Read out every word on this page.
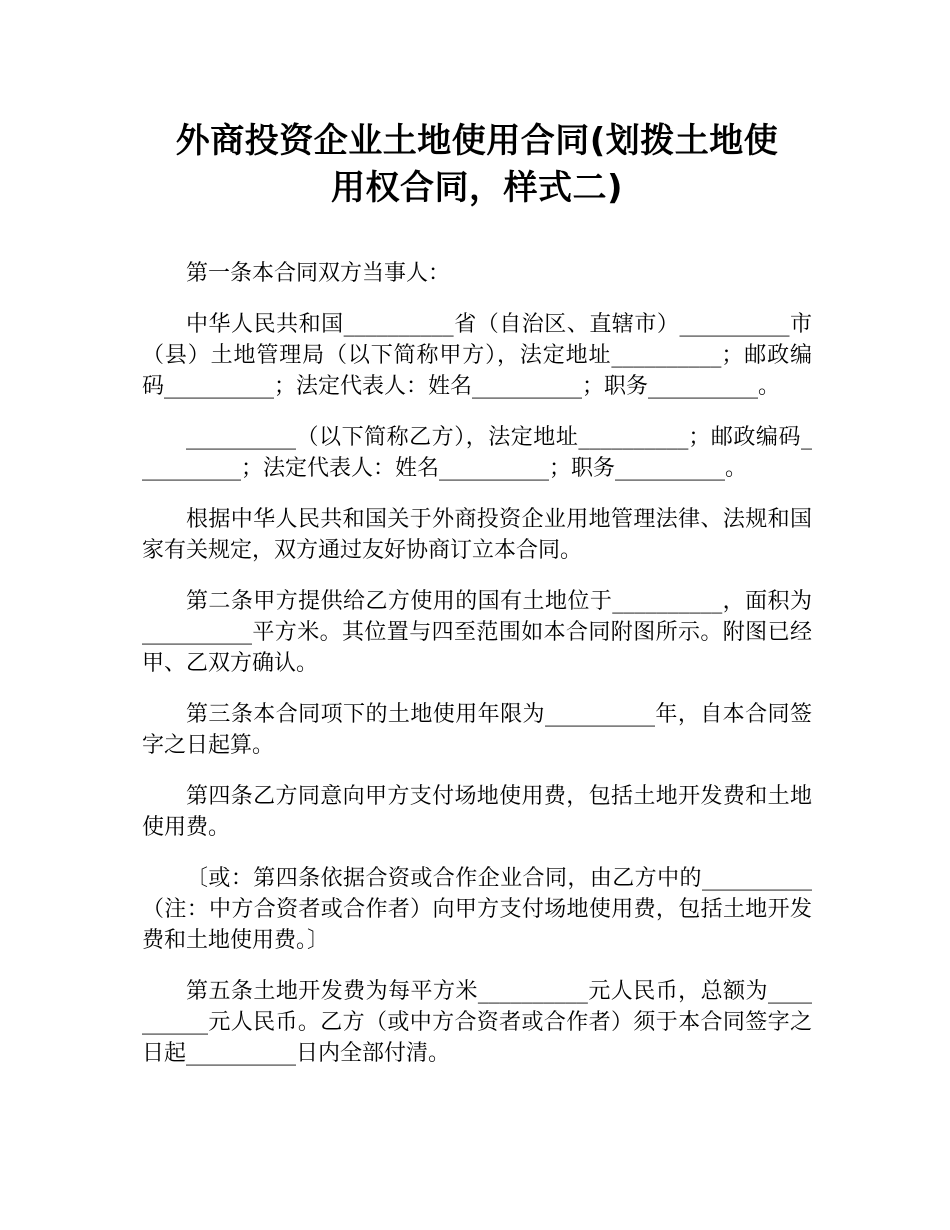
外商投资企业土地使用合同(划拨土地使
用权合同，样式二)

第一条本合同双方当事人：

中华人民共和国__________省（自治区、直辖市）__________市（县）土地管理局（以下简称甲方），法定地址__________；邮政编码__________；法定代表人：姓名__________；职务__________。

__________（以下简称乙方），法定地址__________；邮政编码__________；法定代表人：姓名__________；职务__________。

根据中华人民共和国关于外商投资企业用地管理法律、法规和国家有关规定，双方通过友好协商订立本合同。

第二条甲方提供给乙方使用的国有土地位于__________，面积为__________平方米。其位置与四至范围如本合同附图所示。附图已经甲、乙双方确认。

第三条本合同项下的土地使用年限为__________年，自本合同签字之日起算。

第四条乙方同意向甲方支付场地使用费，包括土地开发费和土地使用费。

〔或：第四条依据合资或合作企业合同，由乙方中的__________（注：中方合资者或合作者）向甲方支付场地使用费，包括土地开发费和土地使用费。〕

第五条土地开发费为每平方米__________元人民币，总额为__________元人民币。乙方（或中方合资者或合作者）须于本合同签字之日起__________日内全部付清。
